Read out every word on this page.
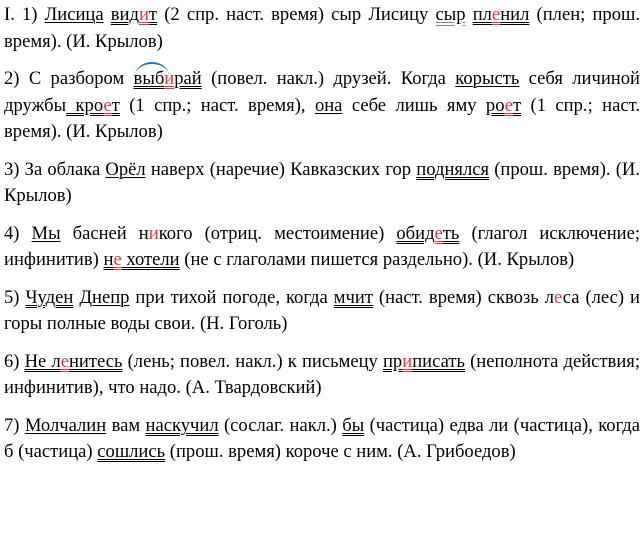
I. 1) Лисица видит (2 спр. наст. время) сыр Лисицу сыр пленил (плен; прош. время). (И. Крылов)

2) С разбором
выбирай (повел. накл.) друзей. Когда корысть себя личиной дружбы кроет (1 спр.; наст. время), она себе лишь яму роет (1 спр.; наст. время). (И. Крылов)

3) За облака Орёл наверх (наречие) Кавказских гор поднялся (прош. время). (И. Крылов)

4) Мы басней никого (отриц. местоимение) обидеть (глагол исключение; инфинитив) не хотели (не с глаголами пишется раздельно). (И. Крылов)

5) Чуден Днепр при тихой погоде, когда мчит (наст. время) сквозь леса (лес) и горы полные воды свои. (Н. Гоголь)

6) Не ленитесь (лень; повел. накл.) к письмецу приписать (неполнота действия; инфинитив), что надо. (А. Твардовский)

7) Молчалин вам наскучил (сослаг. накл.) бы (частица) едва ли (частица), когда б (частица) сошлись (прош. время) короче с ним. (А. Грибоедов)
